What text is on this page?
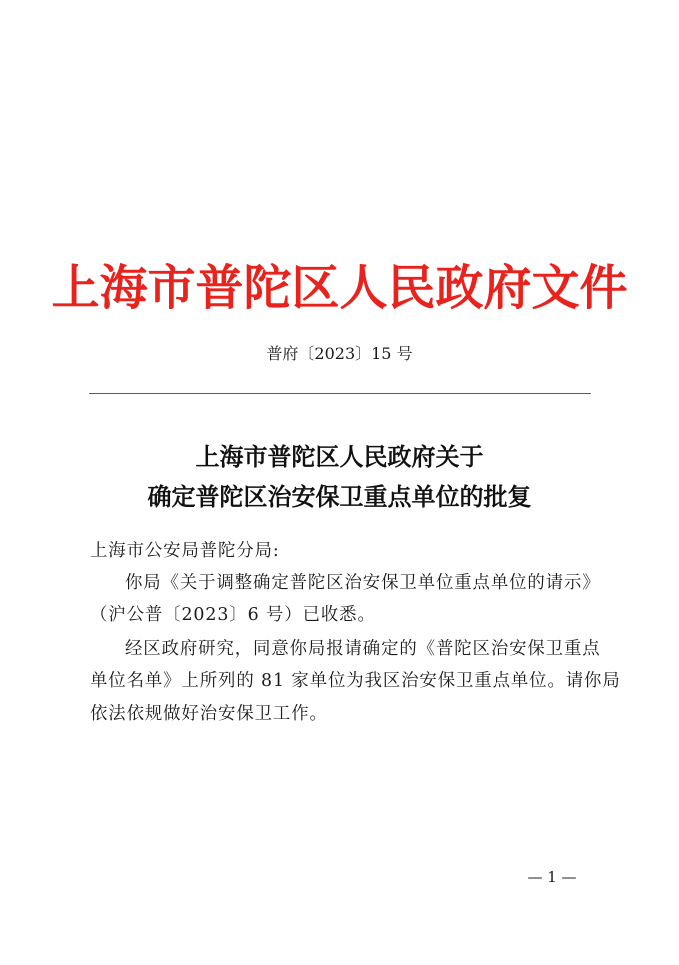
上海市普陀区人民政府文件
普府〔2023〕15 号
上海市普陀区人民政府关于
确定普陀区治安保卫重点单位的批复
上海市公安局普陀分局:
你局《关于调整确定普陀区治安保卫单位重点单位的请示》
（沪公普〔2023〕6 号）已收悉。
经区政府研究，同意你局报请确定的《普陀区治安保卫重点
单位名单》上所列的 81 家单位为我区治安保卫重点单位。请你局
依法依规做好治安保卫工作。
— 1 —
